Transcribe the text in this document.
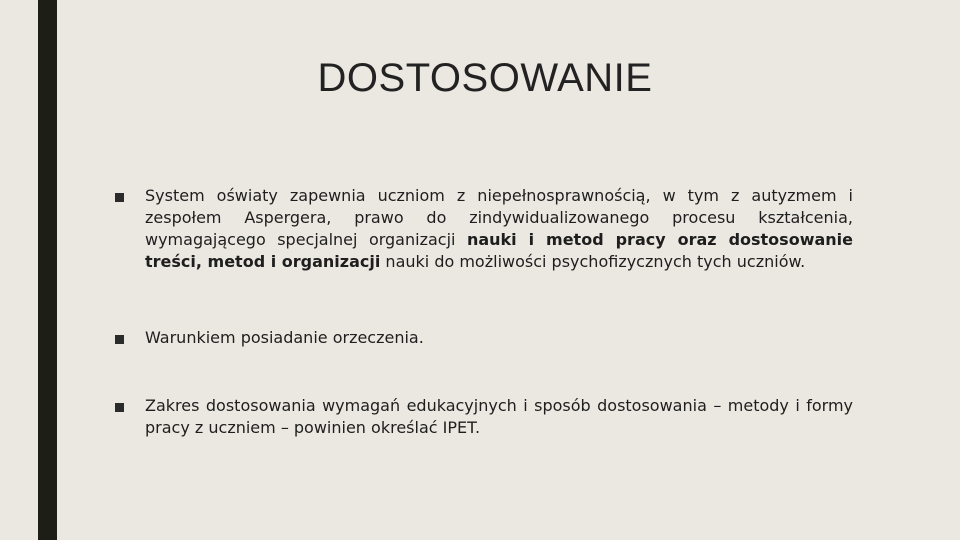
DOSTOSOWANIE
System oświaty zapewnia uczniom z niepełnosprawnością, w tym z autyzmem i zespołem Aspergera, prawo do zindywidualizowanego procesu kształcenia, wymagającego specjalnej organizacji nauki i metod pracy oraz dostosowanie treści, metod i organizacji nauki do możliwości psychofizycznych tych uczniów.
Warunkiem posiadanie orzeczenia.
Zakres dostosowania wymagań edukacyjnych i sposób dostosowania – metody i formy pracy z uczniem – powinien określać IPET.
